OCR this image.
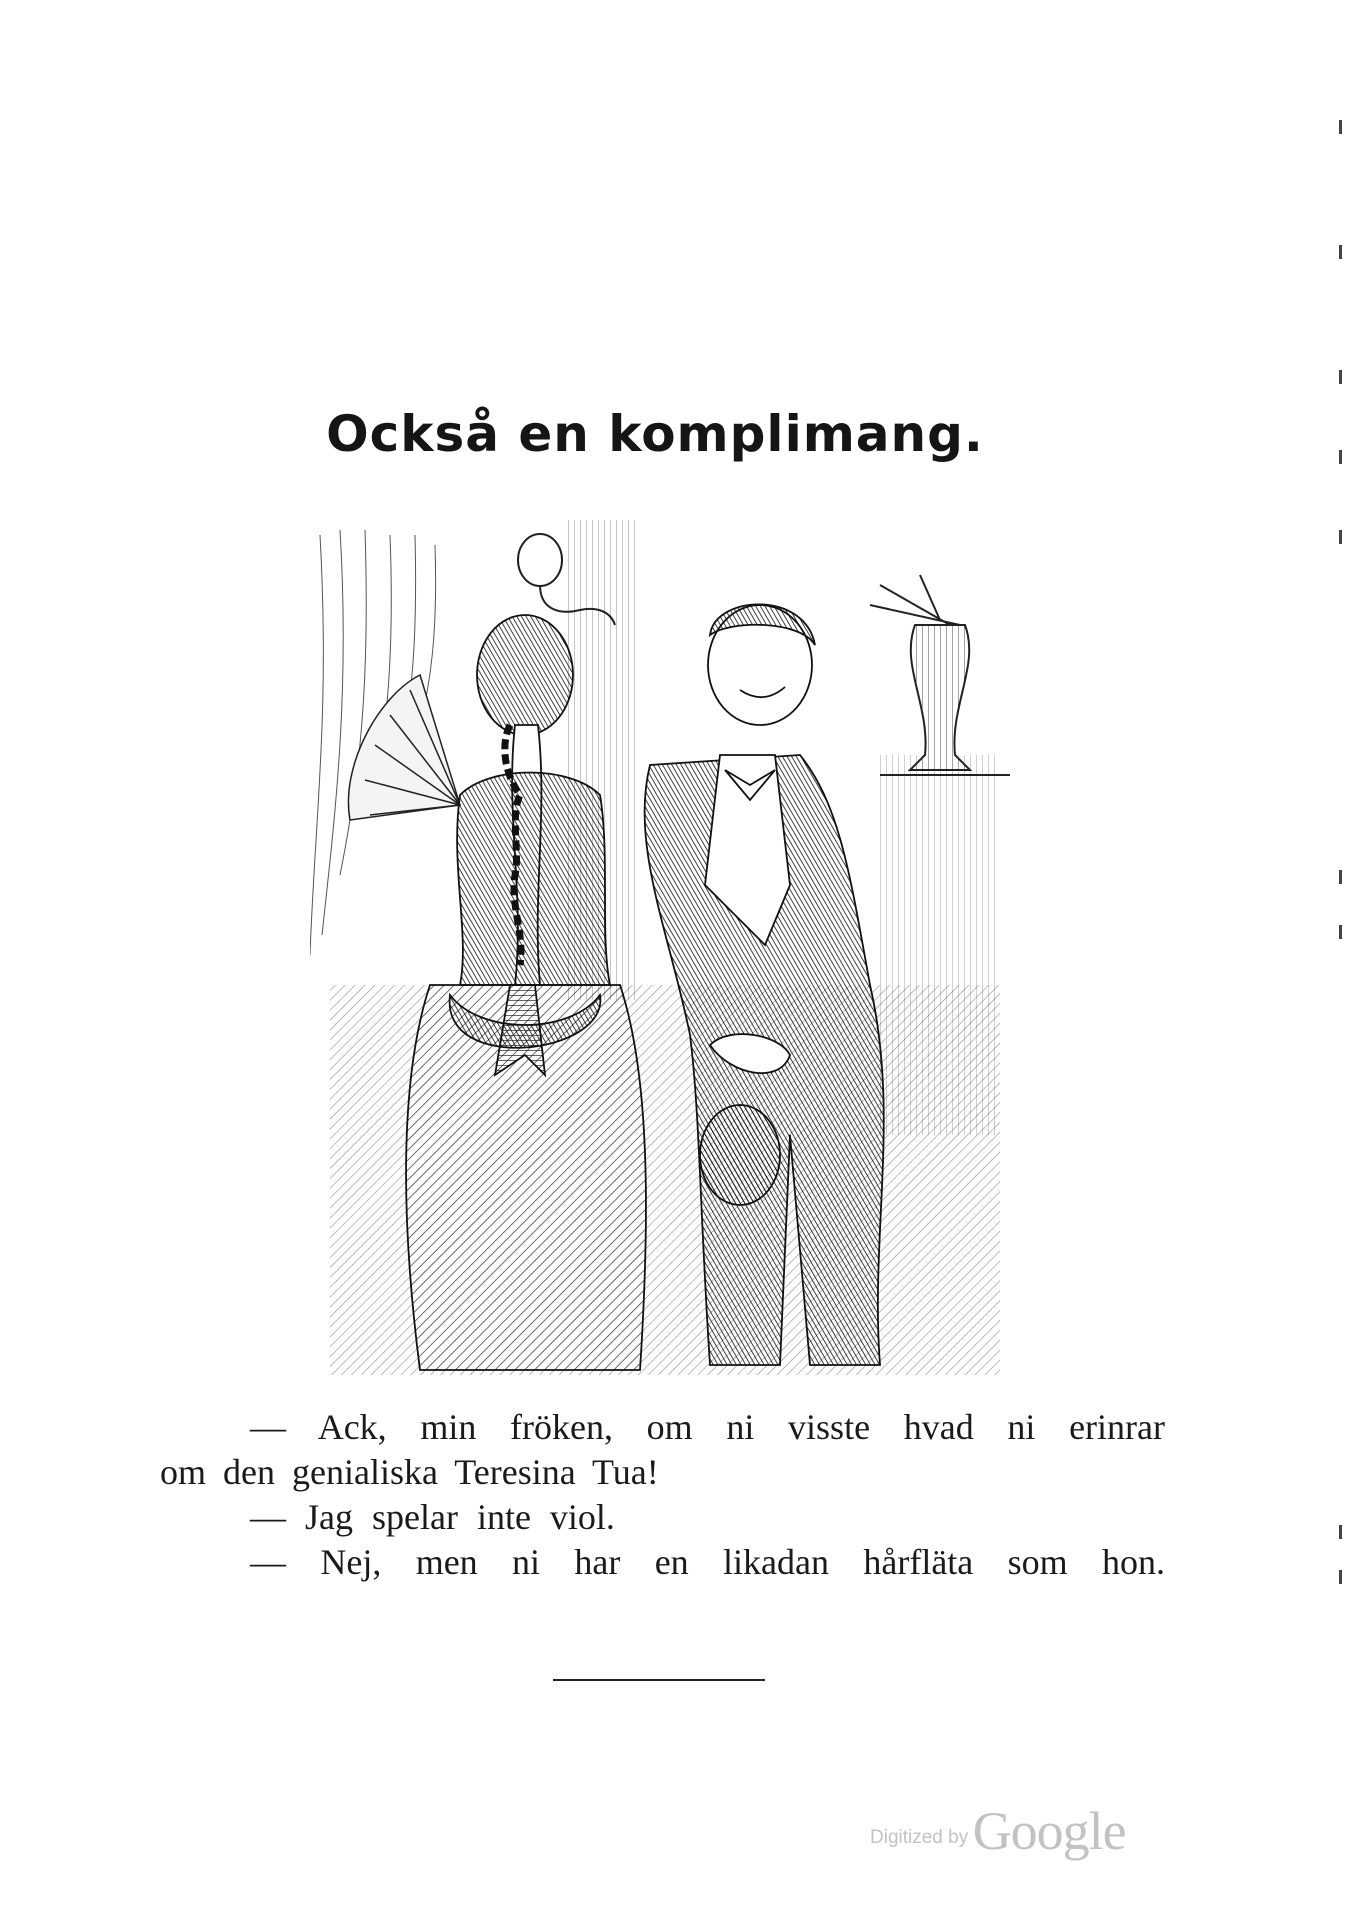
Också en komplimang.
— Ack, min fröken, om ni visste hvad ni erinrar
om den genialiska Teresina Tua!
— Jag spelar inte viol.
— Nej, men ni har en likadan hårfläta som hon.
Digitized by Google
